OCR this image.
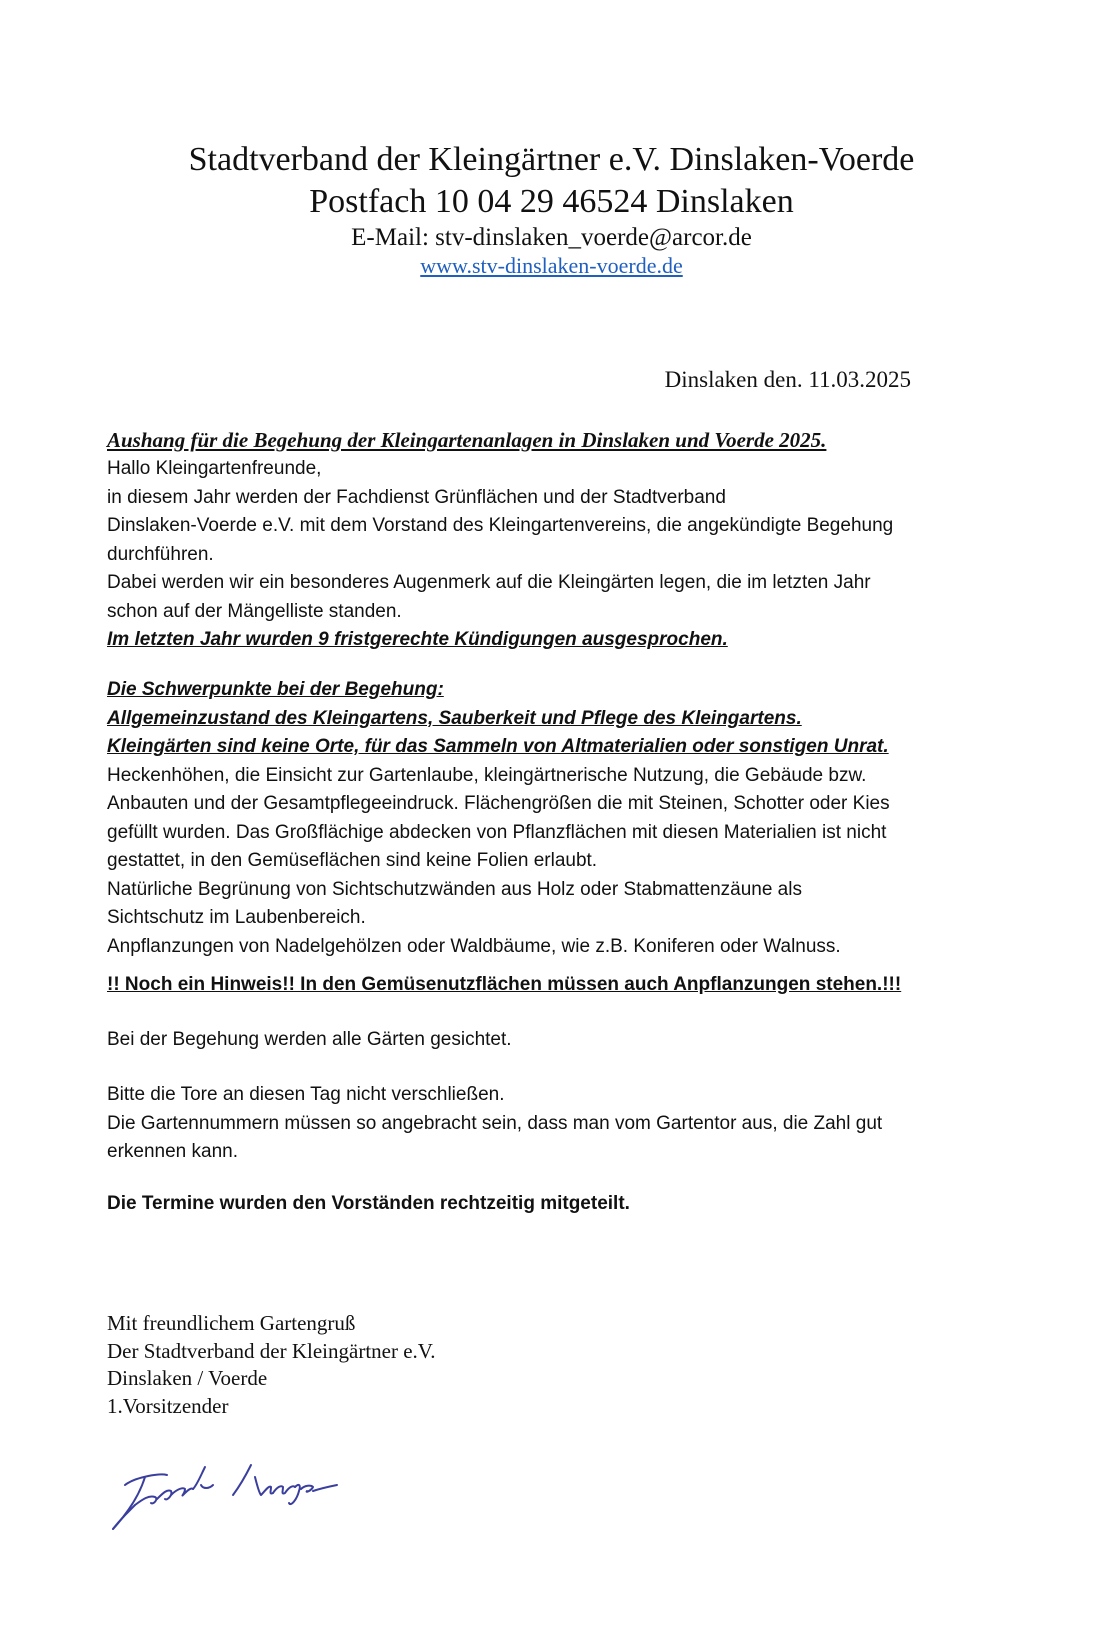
Stadtverband der Kleingärtner e.V. Dinslaken-Voerde
Postfach 10 04 29 46524 Dinslaken
E-Mail: stv-dinslaken_voerde@arcor.de
www.stv-dinslaken-voerde.de
Dinslaken den. 11.03.2025
Aushang für die Begehung der Kleingartenanlagen in Dinslaken und Voerde 2025.
Hallo Kleingartenfreunde,
in diesem Jahr werden der Fachdienst Grünflächen und der Stadtverband
Dinslaken-Voerde e.V. mit dem Vorstand des Kleingartenvereins, die angekündigte Begehung
durchführen.
Dabei werden wir ein besonderes Augenmerk auf die Kleingärten legen, die im letzten Jahr
schon auf der Mängelliste standen.
Im letzten Jahr wurden 9 fristgerechte Kündigungen ausgesprochen.
Die Schwerpunkte bei der Begehung:
Allgemeinzustand des Kleingartens, Sauberkeit und Pflege des Kleingartens.
Kleingärten sind keine Orte, für das Sammeln von Altmaterialien oder sonstigen Unrat.
Heckenhöhen, die Einsicht zur Gartenlaube, kleingärtnerische Nutzung, die Gebäude bzw.
Anbauten und der Gesamtpflegeeindruck. Flächengrößen die mit Steinen, Schotter oder Kies
gefüllt wurden. Das Großflächige abdecken von Pflanzflächen mit diesen Materialien ist nicht
gestattet, in den Gemüseflächen sind keine Folien erlaubt.
Natürliche Begrünung von Sichtschutzwänden aus Holz oder Stabmattenzäune als
Sichtschutz im Laubenbereich.
Anpflanzungen von Nadelgehölzen oder Waldbäume, wie z.B. Koniferen oder Walnuss.
!! Noch ein Hinweis!! In den Gemüsenutzflächen müssen auch Anpflanzungen stehen.!!!
Bei der Begehung werden alle Gärten gesichtet.
Bitte die Tore an diesen Tag nicht verschließen.
Die Gartennummern müssen so angebracht sein, dass man vom Gartentor aus, die Zahl gut
erkennen kann.
Die Termine wurden den Vorständen rechtzeitig mitgeteilt.
Mit freundlichem Gartengruß
Der Stadtverband der Kleingärtner e.V.
Dinslaken / Voerde
1.Vorsitzender
